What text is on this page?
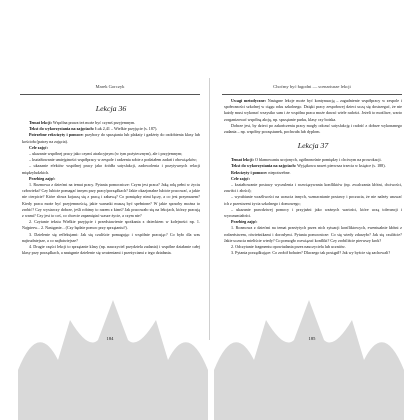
Marek Gorczyk
Lekcja 36

Temat lekcji: Wspólna prawa też może być czymś przyjemnym.

Tekst do wykorzystania na zajęciach: Łuk 2,41 – Wielkie przyjęcie (s. 187).

Potrzebne rekwizyty i pomoce: przybory do sprzątania lub plakaty i gadżety do ozdobienia klasy lub kościoła (patrzy na zajęcia).

Cele zajęć:

– ukazanie wspólnej pracy jako czymś atrakcyjnym (w tym pożytecznym), ale i przyjemnym;

– kształtowanie umiejętności współpracy w zespole i radzenia sobie z podziałem zadań i obowiązków;

– ukazanie efektów wspólnej pracy jako źródła satysfakcji, zadowolenia i pozytywnych relacji międzyludzkich.

Przebieg zajęć:

1. Rozmowa z dziećmi na temat pracy. Pytania pomocnicze: Czym jest praca? Jaką rolę pełni w życiu człowieka? Czy lubicie pomagać innym przy pracy/porządkach? Jakie okazjonalne lubicie pracować, a jakie nie cierpicie? Które słowa kojarzą się z pracą i zabawą? Co pomiędzy nimi łączy, a co jest przymusem? Kiedy praca może być przyjemnością, jakie warunki muszą być spełnione? W jakie sposoby można to zrobić? Czy wystarczy dobrze, jeśli robimy to razem z kimś? Jak pracowało się na lekcjach, którzy pracują z wami? Czy jest to coś, co chcecie zapamiętać wasze życie, a czym nie?

2. Czytanie tekstu Wielkie przyjęcie i przedstawienie spotkania z dzieckiem w kolejności np. 1. Najpierw... 2. Następnie... (Czy będzie pomoc przy sprzątaniu?).

3. Dzielenie się refleksjami: Jak się czuliście pomagając i wspólnie pracując? Co było dla was najtrudniejsze, a co najłatwiejsze?

4. Drugie części lekcji to sprzątanie klasy (np. nauczyciel przydziela zadania) i wspólne działanie całej klasy przy porządkach, a następnie dzielenie się wrażeniami i przeżyciami z tego działania.

184
Choćmy być łagodni — scenariusze lekcji

Uwagi metodyczne: Następne lekcje może być kontynuacją – zagadnienie współpracy w zespole i społeczności szkolnej w ciągu roku szkolnego. Dzięki pracy zespołowej dzieci uczą się dostrzegać, że nie każdy musi wykonać wszystko sam i że wspólna praca może dawać wiele radości. Jeżeli to możliwe, warto zorganizować wspólną akcję, np. sprzątanie parku, klasy czy boiska.

Dobrze jest, by dzieci po zakończeniu pracy mogły odczuć satysfakcję i radość z dobrze wykonanego zadania – np. wspólny poczęstunek, pochwała lub dyplom.

Lekcja 37

Temat lekcji: O blamowaniu urojonych, ogólnonośnie pomiędzy i chciwym na prowokacji.

Tekst do wykorzystania na zajęciach: Wyjątkowa nawet pierwsza trzecia w książce (s. 188).

Rekwizyty i pomoce: niepotrzebne.

Cele zajęć:

– kształtowanie postawy wyczulenia i rozwiązywania konfliktów (np. zwalczania kłótni, chciwości, zawiści i złości);

– wyrabianie wrażliwości na uczucia innych, wzmacnianie postawy i poczucia, że nie należy usuwać ich z przestrzeni życia szkolnego i domowego;

– ukazanie prawdziwej pomocy i przyjaźni jako ważnych wartości, które uczą tolerancji i wyrozumiałości.

Przebieg zajęć:

1. Rozmowa z dziećmi na temat przeżytych przez nich sytuacji konfliktowych, ewentualnie kłótni z rodzeństwem, rówieśnikami i dorosłymi. Pytania pomocnicze: Co się wtedy zdarzyło? Jak się czuliście? Jakie uczucia mieliście wtedy? Co pomogło rozwiązać konflikt? Czy zrobiliście pierwszy krok?

2. Odczytanie fragmentu opowiadania przez nauczyciela lub uczniów.

3. Pytania porządkujące: Co zrobił bohater? Dlaczego tak postąpił? Jak wy byście się zachowali?

185
